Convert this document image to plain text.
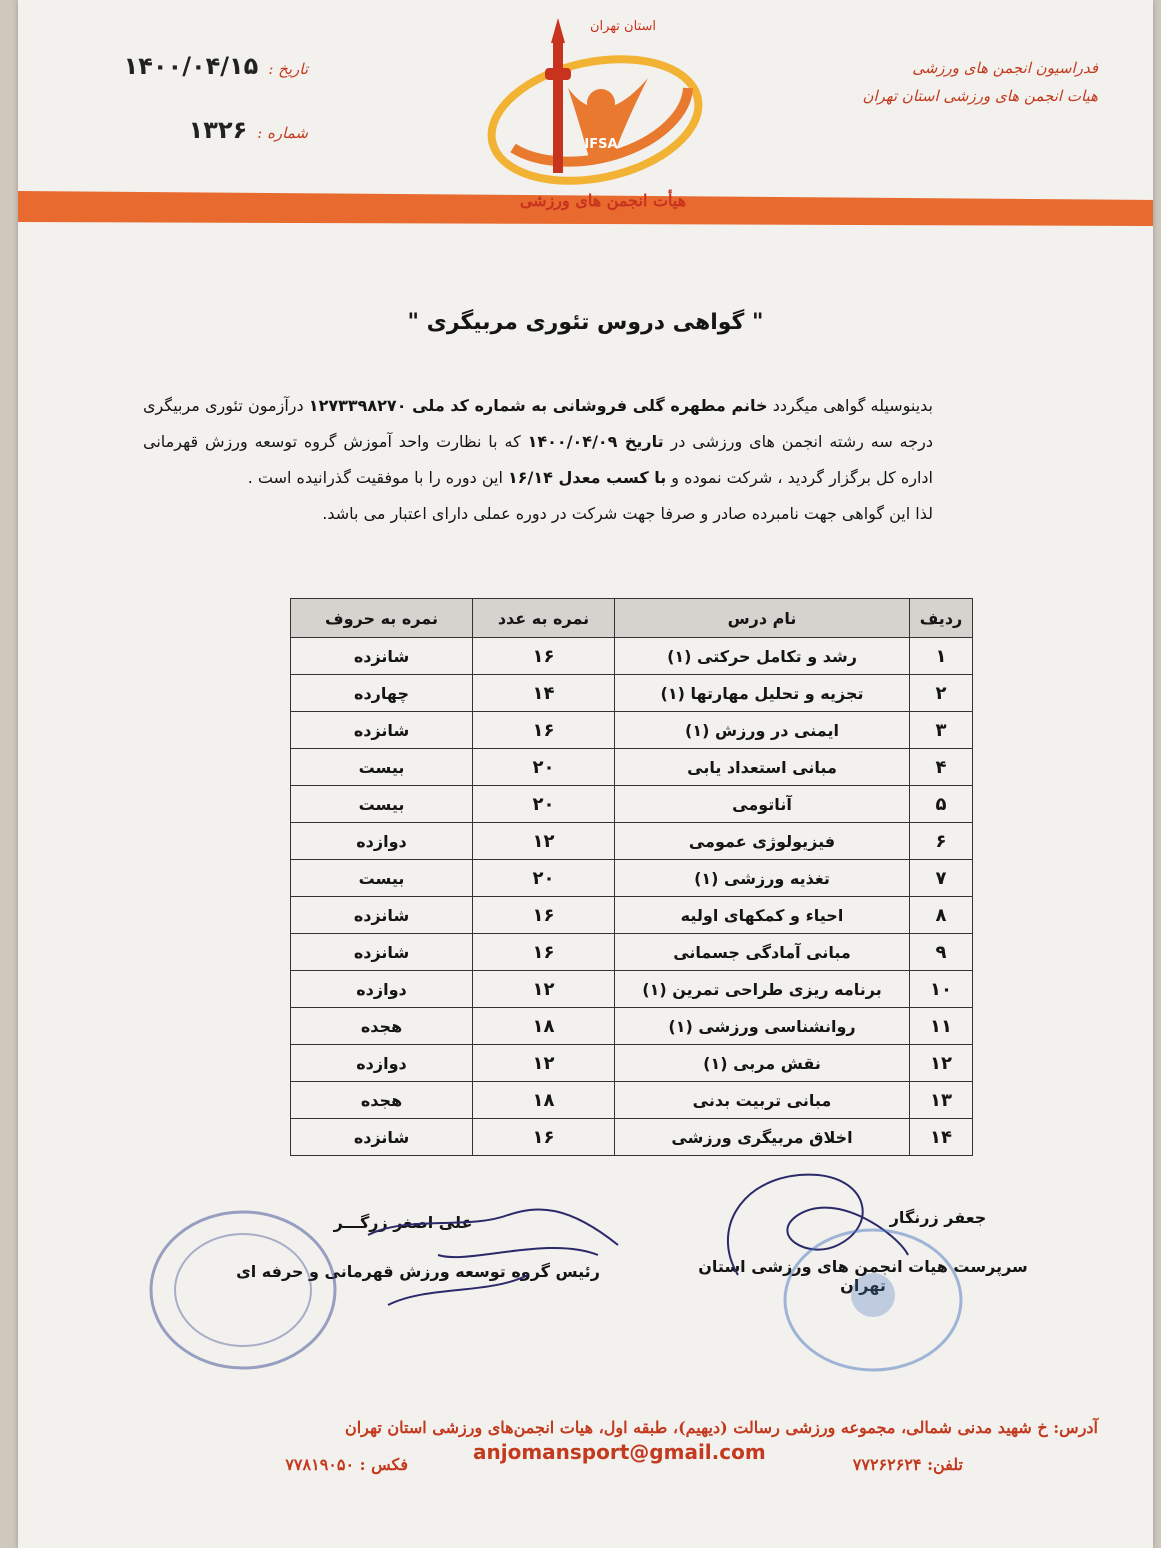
فدراسیون انجمن های ورزشی
هیات انجمن های ورزشی استان تهران
تاریخ :
۱۴۰۰/۰۴/۱۵
شماره :
۱۳۲۶
IFSA
استان تهران
هیأت انجمن های ورزشی
" گواهی دروس تئوری مربیگری "
بدینوسیله گواهی میگردد خانم مطهره گلی فروشانی به شماره کد ملی ۱۲۷۳۳۹۸۲۷۰ درآزمون تئوری مربیگری درجه سه رشته انجمن های ورزشی در تاریخ ۱۴۰۰/۰۴/۰۹ که با نظارت واحد آموزش گروه توسعه ورزش قهرمانی اداره کل برگزار گردید ، شرکت نموده و با کسب معدل ۱۶/۱۴ این دوره را با موفقیت گذرانیده است .
لذا این گواهی جهت نامبرده صادر و صرفا جهت شرکت در دوره عملی دارای اعتبار می باشد.
ردیف	نام درس	نمره به عدد	نمره به حروف
۱	رشد و تکامل حرکتی (۱)	۱۶	شانزده
۲	تجزیه و تحلیل مهارتها (۱)	۱۴	چهارده
۳	ایمنی در ورزش (۱)	۱۶	شانزده
۴	مبانی استعداد یابی	۲۰	بیست
۵	آناتومی	۲۰	بیست
۶	فیزیولوژی عمومی	۱۲	دوازده
۷	تغذیه ورزشی (۱)	۲۰	بیست
۸	احیاء و کمکهای اولیه	۱۶	شانزده
۹	مبانی آمادگی جسمانی	۱۶	شانزده
۱۰	برنامه ریزی طراحی تمرین (۱)	۱۲	دوازده
۱۱	روانشناسی ورزشی (۱)	۱۸	هجده
۱۲	نقش مربی (۱)	۱۲	دوازده
۱۳	مبانی تربیت بدنی	۱۸	هجده
۱۴	اخلاق مربیگری ورزشی	۱۶	شانزده
جعفر زرنگار
سرپرست هیات انجمن های ورزشی استان تهران
علی اصغر زرگـــر
رئیس گروه توسعه ورزش قهرمانی و حرفه ای
آدرس: خ شهید مدنی شمالی، مجموعه ورزشی رسالت (دیهیم)، طبقه اول، هیات انجمن‌های ورزشی استان تهران
تلفن: ۷۷۲۶۲۶۲۴
anjomansport@gmail.com
فکس : ۷۷۸۱۹۰۵۰
